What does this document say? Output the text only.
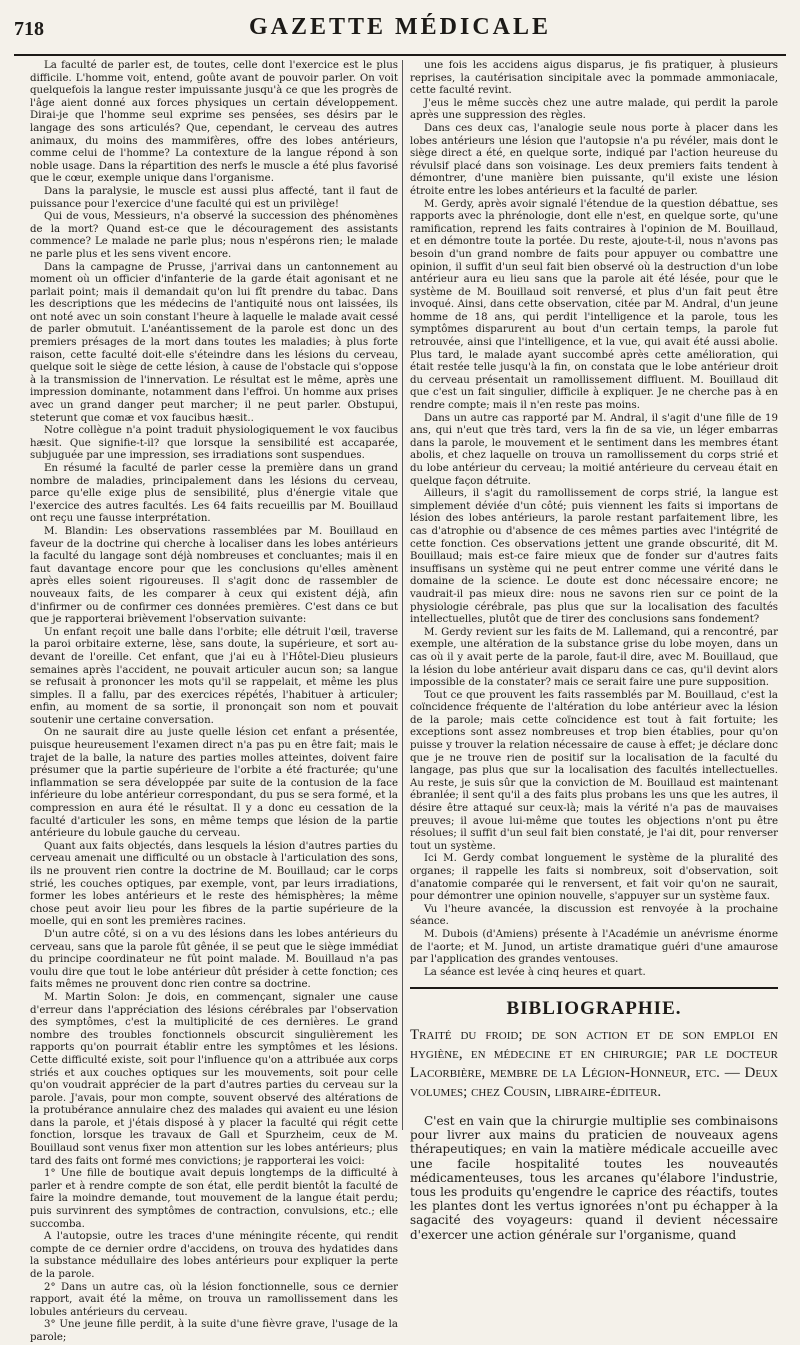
718	GAZETTE MÉDICALE

La faculté de parler est, de toutes, celle dont l'exercice est le plus difficile. L'homme voit, entend, goûte avant de pouvoir parler. On voit quelquefois la langue rester impuissante jusqu'à ce que les progrès de l'âge aient donné aux forces physiques un certain développement. Dirai-je que l'homme seul exprime ses pensées, ses désirs par le langage des sons articulés? Que, cependant, le cerveau des autres animaux, du moins des mammifères, offre des lobes antérieurs, comme celui de l'homme? La contexture de la langue répond à son noble usage. Dans la répartition des nerfs le muscle a été plus favorisé que le cœur, exemple unique dans l'organisme.

Dans la paralysie, le muscle est aussi plus affecté, tant il faut de puissance pour l'exercice d'une faculté qui est un privilège!

Qui de vous, Messieurs, n'a observé la succession des phénomènes de la mort? Quand est-ce que le découragement des assistants commence? Le malade ne parle plus; nous n'espérons rien; le malade ne parle plus et les sens vivent encore.

Dans la campagne de Prusse, j'arrivai dans un cantonnement au moment où un officier d'infanterie de la garde était agonisant et ne parlait point; mais il demandait qu'on lui fît prendre du tabac. Dans les descriptions que les médecins de l'antiquité nous ont laissées, ils ont noté avec un soin constant l'heure à laquelle le malade avait cessé de parler obmutuit. L'anéantissement de la parole est donc un des premiers présages de la mort dans toutes les maladies; à plus forte raison, cette faculté doit-elle s'éteindre dans les lésions du cerveau, quelque soit le siège de cette lésion, à cause de l'obstacle qui s'oppose à la transmission de l'innervation. Le résultat est le même, après une impression dominante, notamment dans l'effroi. Un homme aux prises avec un grand danger peut marcher; il ne peut parler. Obstupui, steterunt que comæ et vox faucibus hæsit..

Notre collègue n'a point traduit physiologiquement le vox faucibus hæsit. Que signifie-t-il? que lorsque la sensibilité est accaparée, subjuguée par une impression, ses irradiations sont suspendues.

En résumé la faculté de parler cesse la première dans un grand nombre de maladies, principalement dans les lésions du cerveau, parce qu'elle exige plus de sensibilité, plus d'énergie vitale que l'exercice des autres facultés. Les 64 faits recueillis par M. Bouillaud ont reçu une fausse interprétation.

M. Blandin: Les observations rassemblées par M. Bouillaud en faveur de la doctrine qui cherche à localiser dans les lobes antérieurs la faculté du langage sont déjà nombreuses et concluantes; mais il en faut davantage encore pour que les conclusions qu'elles amènent après elles soient rigoureuses. Il s'agit donc de rassembler de nouveaux faits, de les comparer à ceux qui existent déjà, afin d'infirmer ou de confirmer ces données premières. C'est dans ce but que je rapporterai brièvement l'observation suivante:

Un enfant reçoit une balle dans l'orbite; elle détruit l'œil, traverse la paroi orbitaire externe, lèse, sans doute, la supérieure, et sort au-devant de l'oreille. Cet enfant, que j'ai eu à l'Hôtel-Dieu plusieurs semaines après l'accident, ne pouvait articuler aucun son; sa langue se refusait à prononcer les mots qu'il se rappelait, et même les plus simples. Il a fallu, par des exercices répétés, l'habituer à articuler; enfin, au moment de sa sortie, il prononçait son nom et pouvait soutenir une certaine conversation.

On ne saurait dire au juste quelle lésion cet enfant a présentée, puisque heureusement l'examen direct n'a pas pu en être fait; mais le trajet de la balle, la nature des parties molles atteintes, doivent faire présumer que la partie supérieure de l'orbite a été fracturée; qu'une inflammation se sera développée par suite de la contusion de la face inférieure du lobe antérieur correspondant, du pus se sera formé, et la compression en aura été le résultat. Il y a donc eu cessation de la faculté d'articuler les sons, en même temps que lésion de la partie antérieure du lobule gauche du cerveau.

Quant aux faits objectés, dans lesquels la lésion d'autres parties du cerveau amenait une difficulté ou un obstacle à l'articulation des sons, ils ne prouvent rien contre la doctrine de M. Bouillaud; car le corps strié, les couches optiques, par exemple, vont, par leurs irradiations, former les lobes antérieurs et le reste des hémisphères; la même chose peut avoir lieu pour les fibres de la partie supérieure de la moelle, qui en sont les premières racines.

D'un autre côté, si on a vu des lésions dans les lobes antérieurs du cerveau, sans que la parole fût gênée, il se peut que le siège immédiat du principe coordinateur ne fût point malade. M. Bouillaud n'a pas voulu dire que tout le lobe antérieur dût présider à cette fonction; ces faits mêmes ne prouvent donc rien contre sa doctrine.

M. Martin Solon: Je dois, en commençant, signaler une cause d'erreur dans l'appréciation des lésions cérébrales par l'observation des symptômes, c'est la multiplicité de ces dernières. Le grand nombre des troubles fonctionnels obscurcit singulièrement les rapports qu'on pourrait établir entre les symptômes et les lésions. Cette difficulté existe, soit pour l'influence qu'on a attribuée aux corps striés et aux couches optiques sur les mouvements, soit pour celle qu'on voudrait apprécier de la part d'autres parties du cerveau sur la parole. J'avais, pour mon compte, souvent observé des altérations de la protubérance annulaire chez des malades qui avaient eu une lésion dans la parole, et j'étais disposé à y placer la faculté qui régit cette fonction, lorsque les travaux de Gall et Spurzheim, ceux de M. Bouillaud sont venus fixer mon attention sur les lobes antérieurs; plus tard des faits ont formé mes convictions; je rapporterai les voici:

1° Une fille de boutique avait depuis longtemps de la difficulté à parler et à rendre compte de son état, elle perdit bientôt la faculté de faire la moindre demande, tout mouvement de la langue était perdu; puis survinrent des symptômes de contraction, convulsions, etc.; elle succomba.

A l'autopsie, outre les traces d'une méningite récente, qui rendit compte de ce dernier ordre d'accidens, on trouva des hydatides dans la substance médullaire des lobes antérieurs pour expliquer la perte de la parole.

2° Dans un autre cas, où la lésion fonctionnelle, sous ce dernier rapport, avait été la même, on trouva un ramollissement dans les lobules antérieurs du cerveau.

3° Une jeune fille perdit, à la suite d'une fièvre grave, l'usage de la parole;

une fois les accidens aigus disparus, je fis pratiquer, à plusieurs reprises, la cautérisation sincipitale avec la pommade ammoniacale, cette faculté revint.

J'eus le même succès chez une autre malade, qui perdit la parole après une suppression des règles.

Dans ces deux cas, l'analogie seule nous porte à placer dans les lobes antérieurs une lésion que l'autopsie n'a pu révéler, mais dont le siège direct a été, en quelque sorte, indiqué par l'action heureuse du révulsif placé dans son voisinage. Les deux premiers faits tendent à démontrer, d'une manière bien puissante, qu'il existe une lésion étroite entre les lobes antérieurs et la faculté de parler.

M. Gerdy, après avoir signalé l'étendue de la question débattue, ses rapports avec la phrénologie, dont elle n'est, en quelque sorte, qu'une ramification, reprend les faits contraires à l'opinion de M. Bouillaud, et en démontre toute la portée. Du reste, ajoute-t-il, nous n'avons pas besoin d'un grand nombre de faits pour appuyer ou combattre une opinion, il suffit d'un seul fait bien observé où la destruction d'un lobe antérieur aura eu lieu sans que la parole ait été lésée, pour que le système de M. Bouillaud soit renversé, et plus d'un fait peut être invoqué. Ainsi, dans cette observation, citée par M. Andral, d'un jeune homme de 18 ans, qui perdit l'intelligence et la parole, tous les symptômes disparurent au bout d'un certain temps, la parole fut retrouvée, ainsi que l'intelligence, et la vue, qui avait été aussi abolie. Plus tard, le malade ayant succombé après cette amélioration, qui était restée telle jusqu'à la fin, on constata que le lobe antérieur droit du cerveau présentait un ramollissement diffluent. M. Bouillaud dit que c'est un fait singulier, difficile à expliquer. Je ne cherche pas à en rendre compte; mais il n'en reste pas moins.

Dans un autre cas rapporté par M. Andral, il s'agit d'une fille de 19 ans, qui n'eut que très tard, vers la fin de sa vie, un léger embarras dans la parole, le mouvement et le sentiment dans les membres étant abolis, et chez laquelle on trouva un ramollissement du corps strié et du lobe antérieur du cerveau; la moitié antérieure du cerveau était en quelque façon détruite.

Ailleurs, il s'agit du ramollissement de corps strié, la langue est simplement déviée d'un côté; puis viennent les faits si importans de lésion des lobes antérieurs, la parole restant parfaitement libre, les cas d'atrophie ou d'absence de ces mêmes parties avec l'intégrité de cette fonction. Ces observations jettent une grande obscurité, dit M. Bouillaud; mais est-ce faire mieux que de fonder sur d'autres faits insuffisans un système qui ne peut entrer comme une vérité dans le domaine de la science. Le doute est donc nécessaire encore; ne vaudrait-il pas mieux dire: nous ne savons rien sur ce point de la physiologie cérébrale, pas plus que sur la localisation des facultés intellectuelles, plutôt que de tirer des conclusions sans fondement?

M. Gerdy revient sur les faits de M. Lallemand, qui a rencontré, par exemple, une altération de la substance grise du lobe moyen, dans un cas où il y avait perte de la parole, faut-il dire, avec M. Bouillaud, que la lésion du lobe antérieur avait disparu dans ce cas, qu'il devint alors impossible de la constater? mais ce serait faire une pure supposition.

Tout ce que prouvent les faits rassemblés par M. Bouillaud, c'est la coïncidence fréquente de l'altération du lobe antérieur avec la lésion de la parole; mais cette coïncidence est tout à fait fortuite; les exceptions sont assez nombreuses et trop bien établies, pour qu'on puisse y trouver la relation nécessaire de cause à effet; je déclare donc que je ne trouve rien de positif sur la localisation de la faculté du langage, pas plus que sur la localisation des facultés intellectuelles. Au reste, je suis sûr que la conviction de M. Bouillaud est maintenant ébranlée; il sent qu'il a des faits plus probans les uns que les autres, il désire être attaqué sur ceux-là; mais la vérité n'a pas de mauvaises preuves; il avoue lui-même que toutes les objections n'ont pu être résolues; il suffit d'un seul fait bien constaté, je l'ai dit, pour renverser tout un système.

Ici M. Gerdy combat longuement le système de la pluralité des organes; il rappelle les faits si nombreux, soit d'observation, soit d'anatomie comparée qui le renversent, et fait voir qu'on ne saurait, pour démontrer une opinion nouvelle, s'appuyer sur un système faux.

Vu l'heure avancée, la discussion est renvoyée à la prochaine séance.

M. Dubois (d'Amiens) présente à l'Académie un anévrisme énorme de l'aorte; et M. Junod, un artiste dramatique guéri d'une amaurose par l'application des grandes ventouses.

La séance est levée à cinq heures et quart.

BIBLIOGRAPHIE.
Traité du froid; de son action et de son emploi en hygiène, en médecine et en chirurgie; par le docteur Lacorbière, membre de la Légion-Honneur, etc. — Deux volumes; chez Cousin, libraire-éditeur.

C'est en vain que la chirurgie multiplie ses combinaisons pour livrer aux mains du praticien de nouveaux agens thérapeutiques; en vain la matière médicale accueille avec une facile hospitalité toutes les nouveautés médicamenteuses, tous les arcanes qu'élabore l'industrie, tous les produits qu'engendre le caprice des réactifs, toutes les plantes dont les vertus ignorées n'ont pu échapper à la sagacité des voyageurs: quand il devient nécessaire d'exercer une action générale sur l'organisme, quand
